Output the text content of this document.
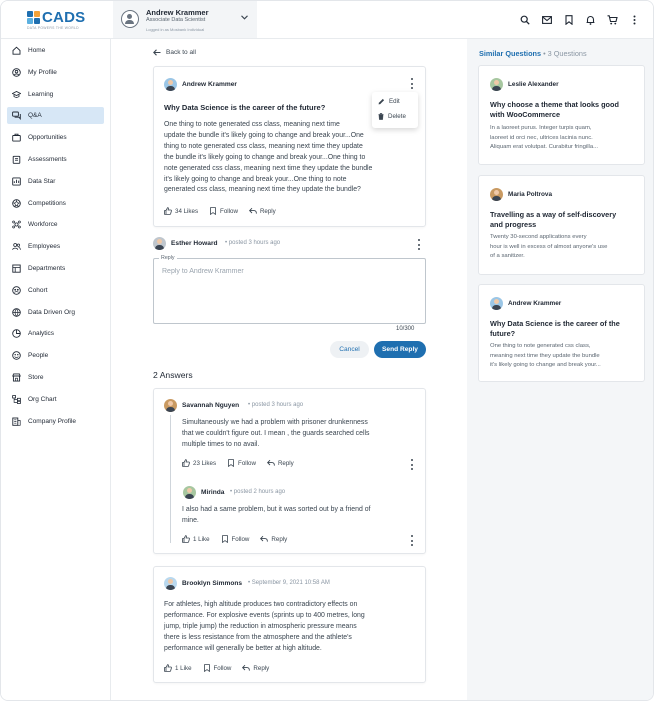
CADS
DATA POWERS THE WORLD
Andrew Krammer
Associate Data Scientist
Logged in as Mosbank Individual
Home
My Profile
Learning
Q&A
Opportunities
Assessments
Data Star
Competitions
Workforce
Employees
Departments
Cohort
Data Driven Org
Analytics
People
Store
Org Chart
Company Profile
Back to all
Andrew Krammer
Why Data Science is the career of the future?
One thing to note generated css class, meaning next time
update the bundle it's likely going to change and break your...One
thing to note generated css class, meaning next time they update
the bundle it's likely going to change and break your...One thing to
note generated css class, meaning next time they update the bundle
it's likely going to change and break your...One thing to note
generated css class, meaning next time they update the bundle?
34 Likes	Follow	Reply
Edit
Delete
Esther Howard • posted 3 hours ago
Reply
Reply to Andrew Krammer
10/300
Cancel	Send Reply
2 Answers
Savannah Nguyen • posted 3 hours ago
Simultaneously we had a problem with prisoner drunkenness
that we couldn't figure out. I mean , the guards searched cells
multiple times to no avail.
23 Likes	Follow	Reply
Mirinda • posted 2 hours ago
I also had a same problem, but it was sorted out by a friend of
mine.
1 Like	Follow	Reply
Brooklyn Simmons • September 9, 2021 10:58 AM
For athletes, high altitude produces two contradictory effects on
performance. For explosive events (sprints up to 400 metres, long
jump, triple jump) the reduction in atmospheric pressure means
there is less resistance from the atmosphere and the athlete's
performance will generally be better at high altitude.
1 Like	Follow	Reply
Similar Questions • 3 Questions
Leslie Alexander
Why choose a theme that looks good
with WooCommerce
In a laoreet purus. Integer turpis quam,
laoreet id orci nec, ultrices lacinia nunc.
Aliquam erat volutpat. Curabitur fringilla...
Maria Poltrova
Travelling as a way of self-discovery
and progress
Twenty 30-second applications every
hour is well in excess of almost anyone's use
of a sanitizer.
Andrew Krammer
Why Data Science is the career of the
future?
One thing to note generated css class,
meaning next time they update the bundle
it's likely going to change and break your...
